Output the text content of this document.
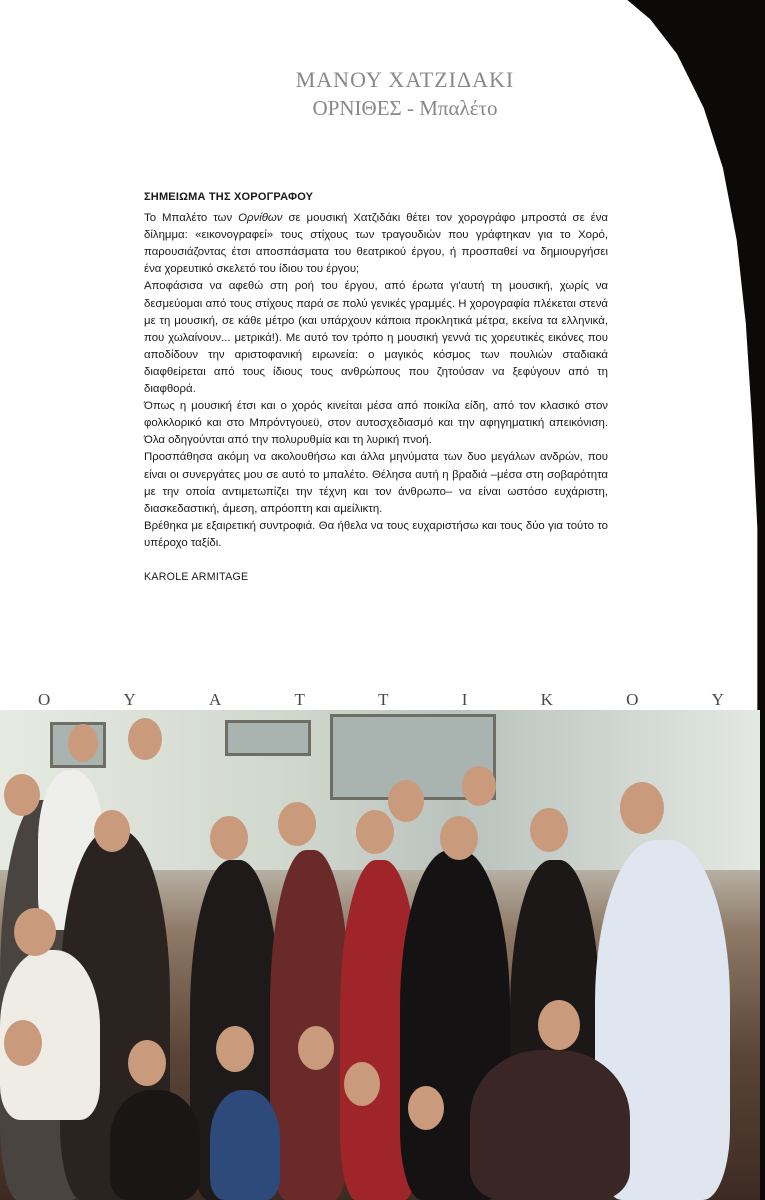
ΜΑΝΟΥ ΧΑΤΖΙΔΑΚΙ
ΟΡΝΙΘΕΣ - Μπαλέτο
ΣΗΜΕΙΩΜΑ ΤΗΣ ΧΟΡΟΓΡΑΦΟΥ

Το Μπαλέτο των Ορνίθων σε μουσική Χατζιδάκι θέτει τον χορογράφο μπροστά σε ένα δίλημμα: «εικονογραφεί» τους στίχους των τραγουδιών που γράφτηκαν για το Χορό, παρουσιάζοντας έτσι αποσπάσματα του θεατρικού έργου, ή προσπαθεί να δημιουργήσει ένα χορευτικό σκελετό του ίδιου του έργου;

Αποφάσισα να αφεθώ στη ροή του έργου, από έρωτα γι'αυτή τη μουσική, χωρίς να δεσμεύομαι από τους στίχους παρά σε πολύ γενικές γραμμές. Η χορογραφία πλέκεται στενά με τη μουσική, σε κάθε μέτρο (και υπάρχουν κάποια προκλητικά μέτρα, εκείνα τα ελληνικά, που χωλαίνουν... μετρικά!). Με αυτό τον τρόπο η μουσική γεννά τις χορευτικές εικόνες που αποδίδουν την αριστοφανική ειρωνεία: ο μαγικός κόσμος των πουλιών σταδιακά διαφθείρεται από τους ίδιους τους ανθρώπους που ζητούσαν να ξεφύγουν από τη διαφθορά.

Όπως η μουσική έτσι και ο χορός κινείται μέσα από ποικίλα είδη, από τον κλασικό στον φολκλορικό και στο Μπρόντγουεϋ, στον αυτοσχεδιασμό και την αφηγηματική απεικόνιση. Όλα οδηγούνται από την πολυρυθμία και τη λυρική πνοή.

Προσπάθησα ακόμη να ακολουθήσω και άλλα μηνύματα των δυο μεγάλων ανδρών, που είναι οι συνεργάτες μου σε αυτό το μπαλέτο. Θέλησα αυτή η βραδιά –μέσα στη σοβαρότητα με την οποία αντιμετωπίζει την τέχνη και τον άνθρωπο– να είναι ωστόσο ευχάριστη, διασκεδαστική, άμεση, απρόοπτη και αμείλικτη.

Βρέθηκα με εξαιρετική συντροφιά. Θα ήθελα να τους ευχαριστήσω και τους δύο για τούτο το υπέροχο ταξίδι.

KAROLE ARMITAGE
Ο	Υ	Α	Τ	Τ	Ι	Κ	Ο	Υ
